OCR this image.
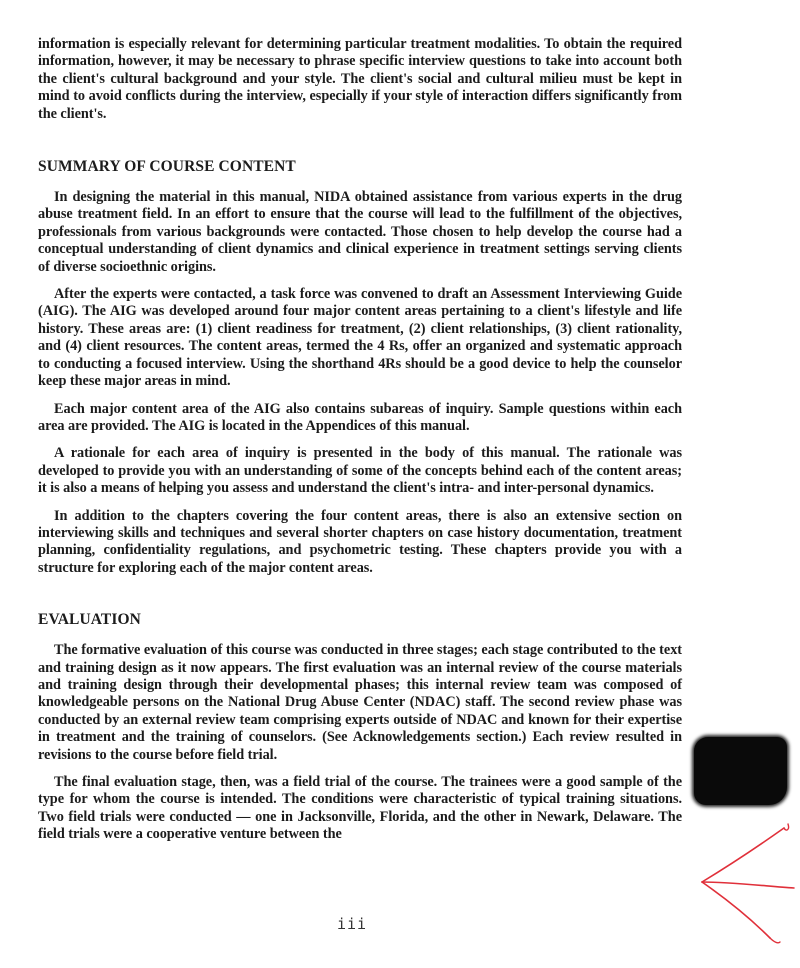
information is especially relevant for determining particular treatment modalities. To obtain the required information, however, it may be necessary to phrase specific interview questions to take into account both the client's cultural background and your style. The client's social and cultural milieu must be kept in mind to avoid conflicts during the interview, especially if your style of interaction differs significantly from the client's.

SUMMARY OF COURSE CONTENT

In designing the material in this manual, NIDA obtained assistance from various experts in the drug abuse treatment field. In an effort to ensure that the course will lead to the fulfillment of the objectives, professionals from various backgrounds were contacted. Those chosen to help develop the course had a conceptual understanding of client dynamics and clinical experience in treatment settings serving clients of diverse socioethnic origins.

After the experts were contacted, a task force was convened to draft an Assessment Interviewing Guide (AIG). The AIG was developed around four major content areas pertaining to a client's lifestyle and life history. These areas are: (1) client readiness for treatment, (2) client relationships, (3) client rationality, and (4) client resources. The content areas, termed the 4 Rs, offer an organized and systematic approach to conducting a focused interview. Using the shorthand 4Rs should be a good device to help the counselor keep these major areas in mind.

Each major content area of the AIG also contains subareas of inquiry. Sample questions within each area are provided. The AIG is located in the Appendices of this manual.

A rationale for each area of inquiry is presented in the body of this manual. The rationale was developed to provide you with an understanding of some of the concepts behind each of the content areas; it is also a means of helping you assess and understand the client's intra- and inter-personal dynamics.

In addition to the chapters covering the four content areas, there is also an extensive section on interviewing skills and techniques and several shorter chapters on case history documentation, treatment planning, confidentiality regulations, and psychometric testing. These chapters provide you with a structure for exploring each of the major content areas.

EVALUATION

The formative evaluation of this course was conducted in three stages; each stage contributed to the text and training design as it now appears. The first evaluation was an internal review of the course materials and training design through their developmental phases; this internal review team was composed of knowledgeable persons on the National Drug Abuse Center (NDAC) staff. The second review phase was conducted by an external review team comprising experts outside of NDAC and known for their expertise in treatment and the training of counselors. (See Acknowledgements section.) Each review resulted in revisions to the course before field trial.

The final evaluation stage, then, was a field trial of the course. The trainees were a good sample of the type for whom the course is intended. The conditions were characteristic of typical training situations. Two field trials were conducted — one in Jacksonville, Florida, and the other in Newark, Delaware. The field trials were a cooperative venture between the

iii
